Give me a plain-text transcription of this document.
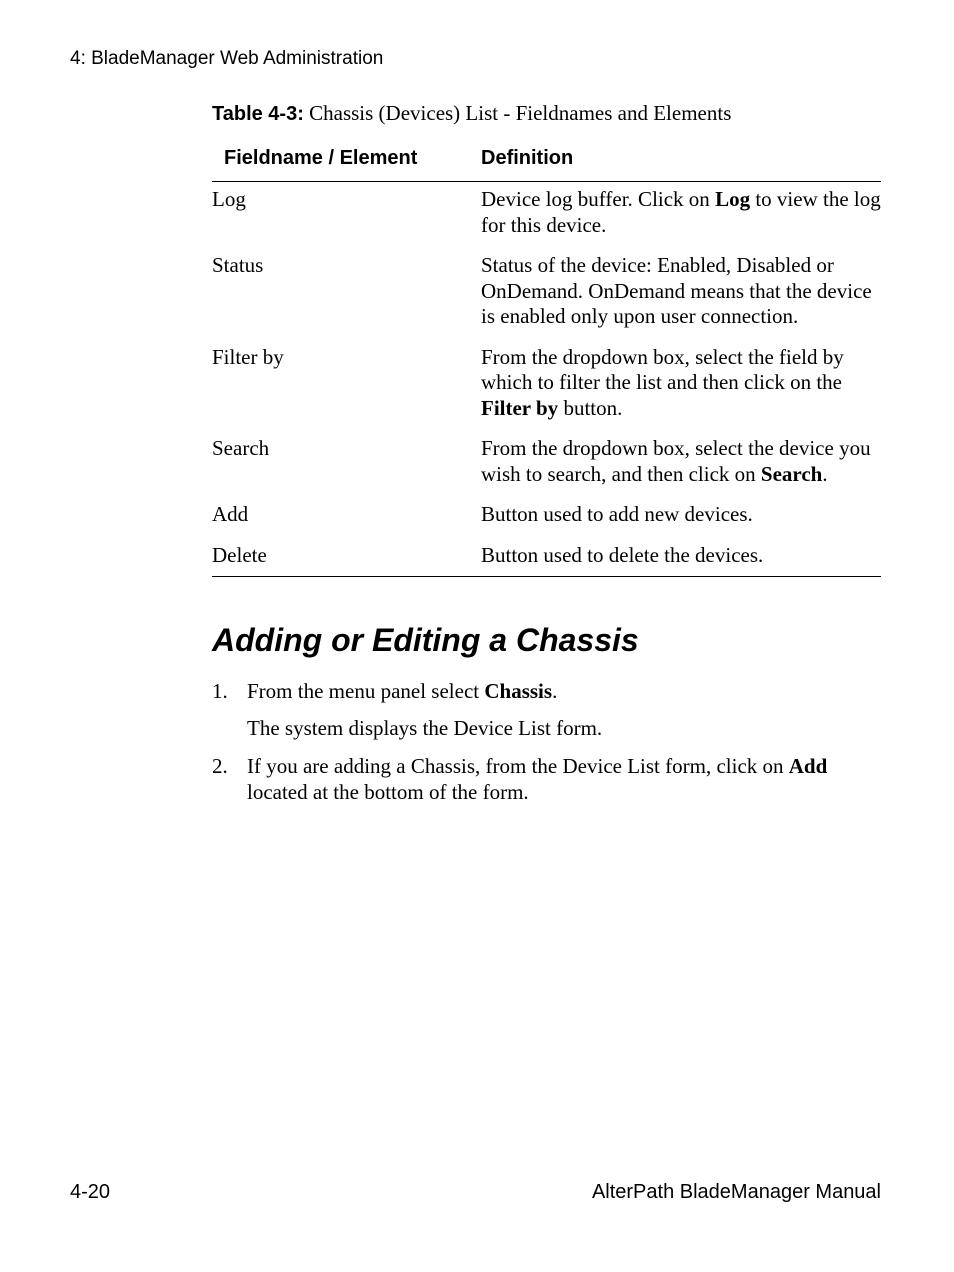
4: BladeManager Web Administration
Table 4-3: Chassis (Devices) List - Fieldnames and Elements
Fieldname / Element	Definition
Log	Device log buffer. Click on Log to view the log for this device.
Status	Status of the device: Enabled, Disabled or OnDemand. OnDemand means that the device is enabled only upon user connection.
Filter by	From the dropdown box, select the field by which to filter the list and then click on the Filter by button.
Search	From the dropdown box, select the device you wish to search, and then click on Search.
Add	Button used to add new devices.
Delete	Button used to delete the devices.
Adding or Editing a Chassis
1. From the menu panel select Chassis.
The system displays the Device List form.
2. If you are adding a Chassis, from the Device List form, click on Add located at the bottom of the form.
4-20	AlterPath BladeManager Manual
